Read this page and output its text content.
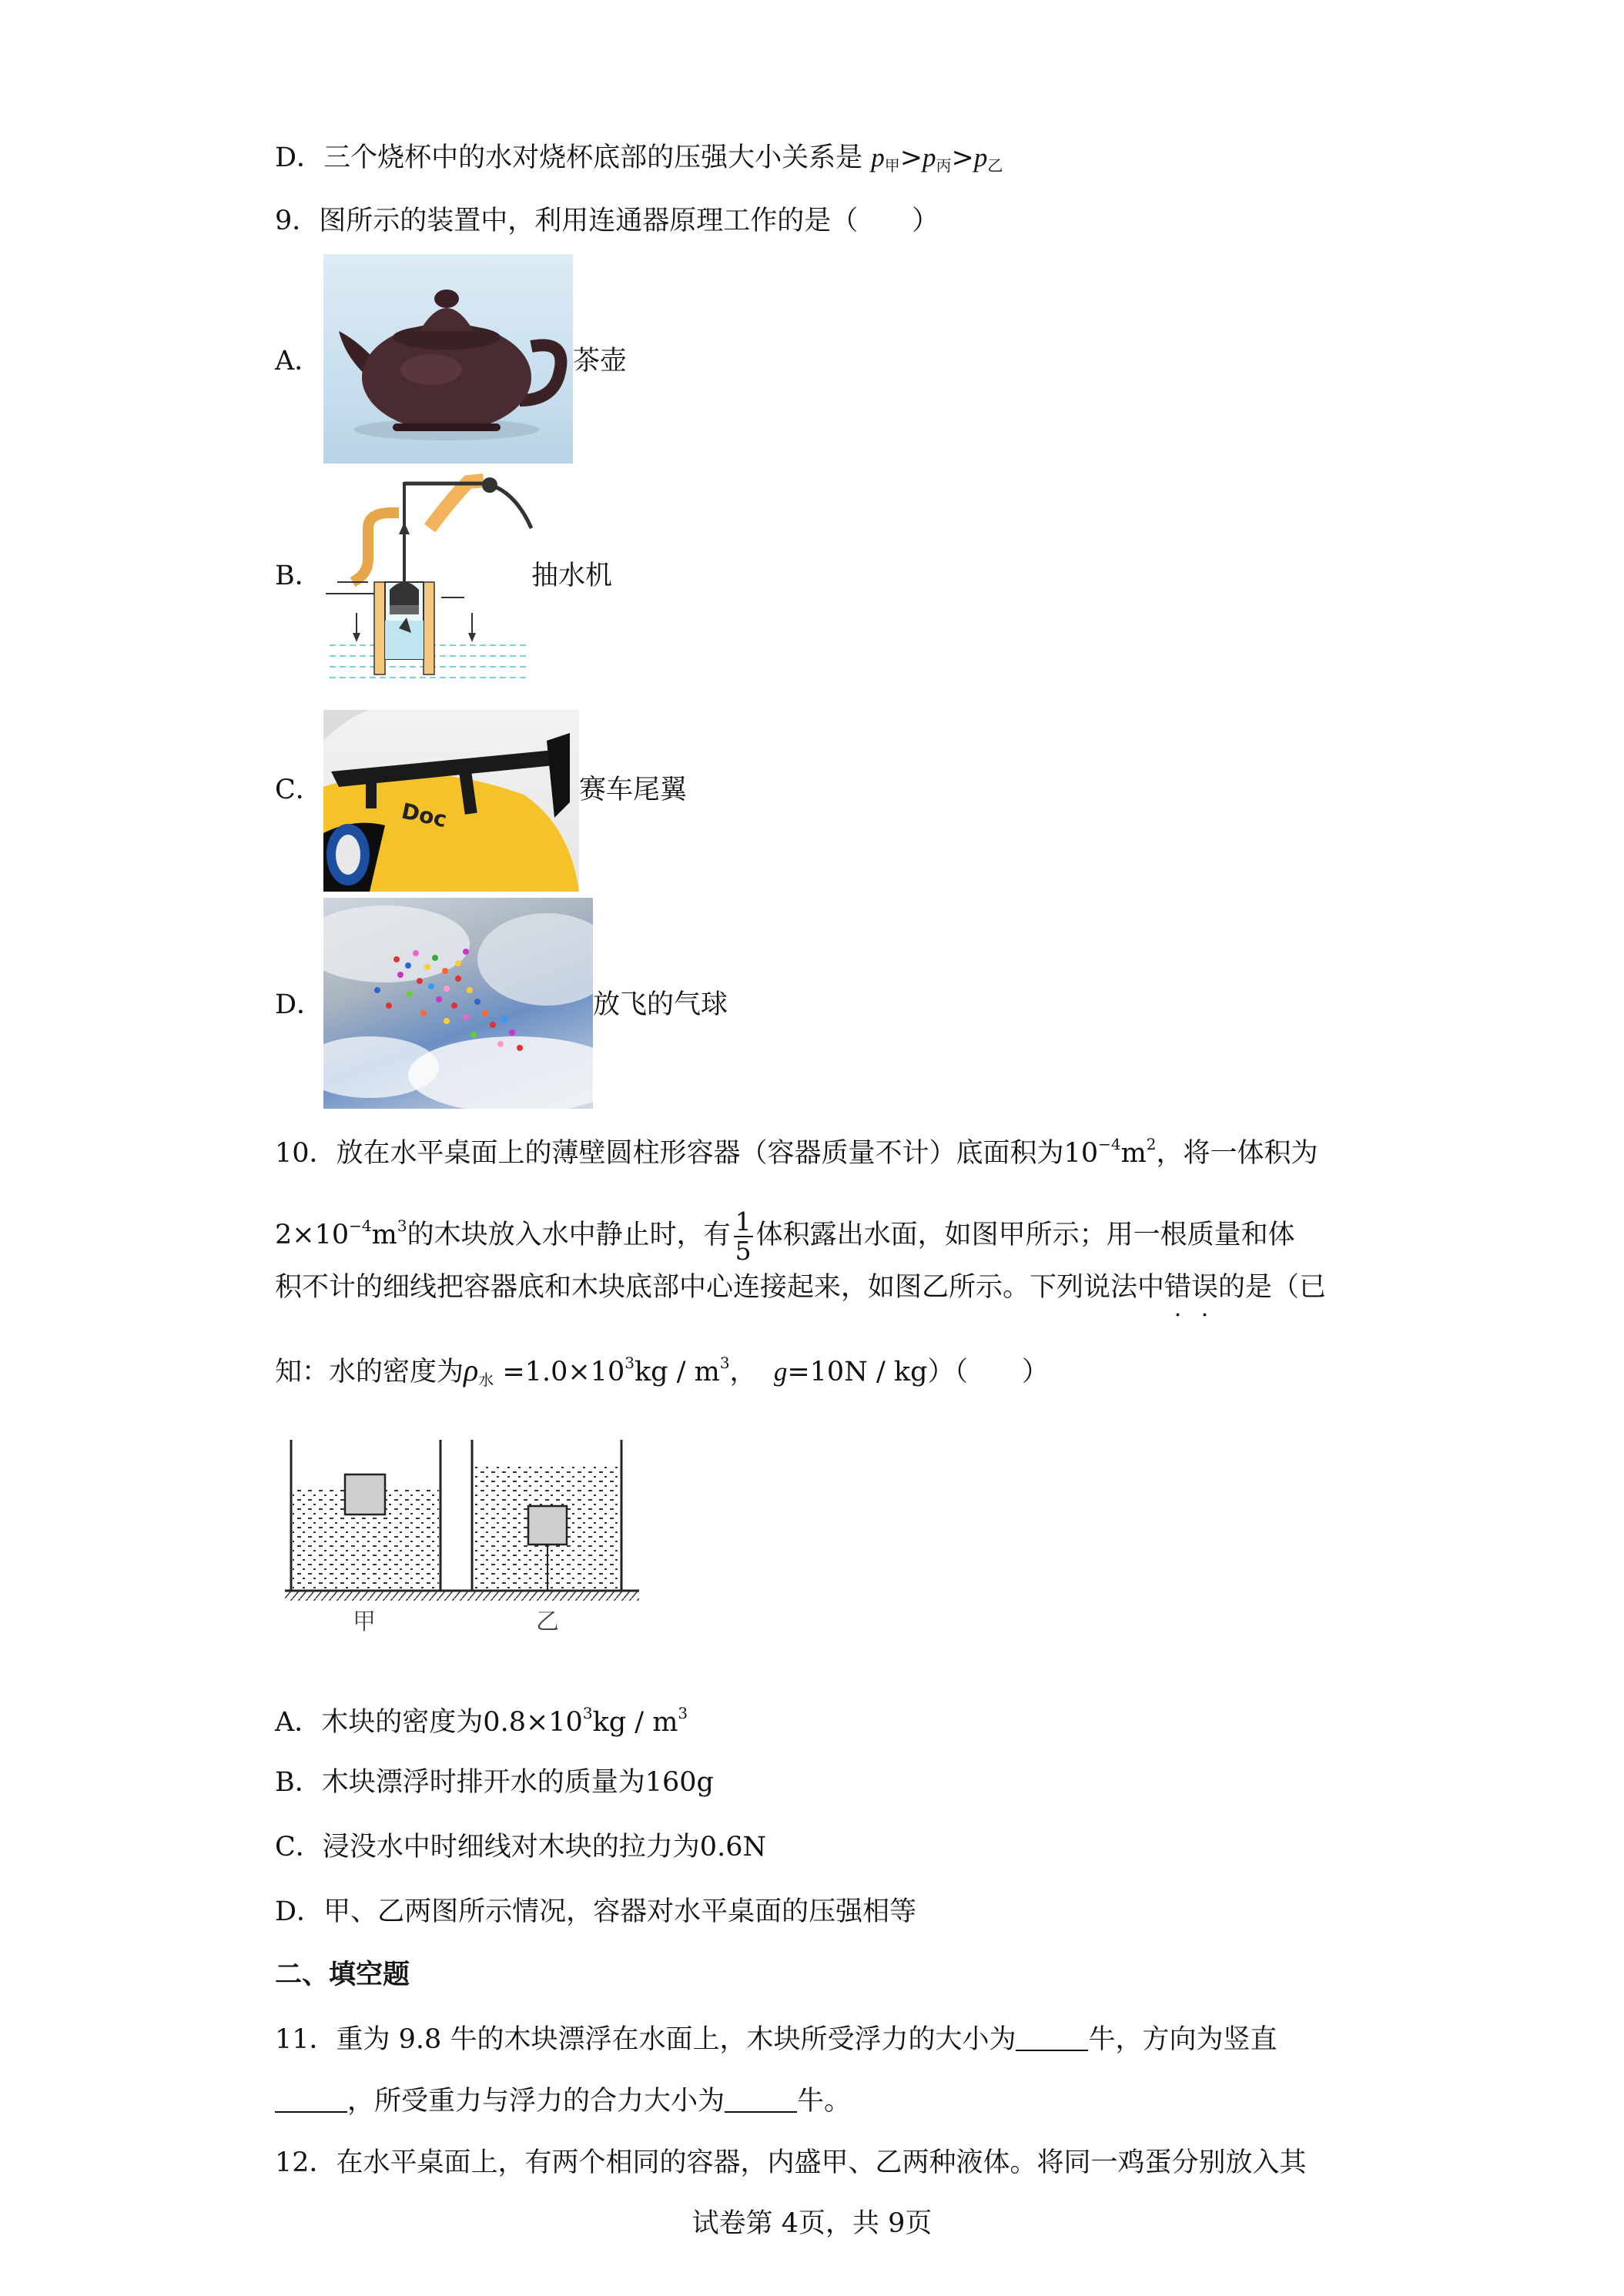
D．三个烧杯中的水对烧杯底部的压强大小关系是 $p_甲>p_丙>p_乙$
9．图所示的装置中，利用连通器原理工作的是（　　）
A．	茶壶
B．	抽水机
C．
Doc
赛车尾翼
D．	放飞的气球
10．放在水平桌面上的薄壁圆柱形容器（容器质量不计）底面积为$10^{-4}m^2$，将一体积为
$2\times 10^{-4}m^3$的木块放入水中静止时，有 $\frac{1}{5}$ 体积露出水面，如图甲所示；用一根质量和体
积不计的细线把容器底和木块底部中心连接起来，如图乙所示。下列说法中错误的是（已
知：水的密度为$\rho_水 =1.0\times 10^3kg / m^3$， g=10N / kg）（　　）
甲	乙
A．木块的密度为$0.8\times 10^3kg / m^3$
B．木块漂浮时排开水的质量为160g
C．浸没水中时细线对木块的拉力为0.6N
D．甲、乙两图所示情况，容器对水平桌面的压强相等
二、填空题
11．重为 9.8 牛的木块漂浮在水面上，木块所受浮力的大小为	牛，方向为竖直
，所受重力与浮力的合力大小为	牛。
12．在水平桌面上，有两个相同的容器，内盛甲、乙两种液体。将同一鸡蛋分别放入其
试卷第 4页，共 9页
